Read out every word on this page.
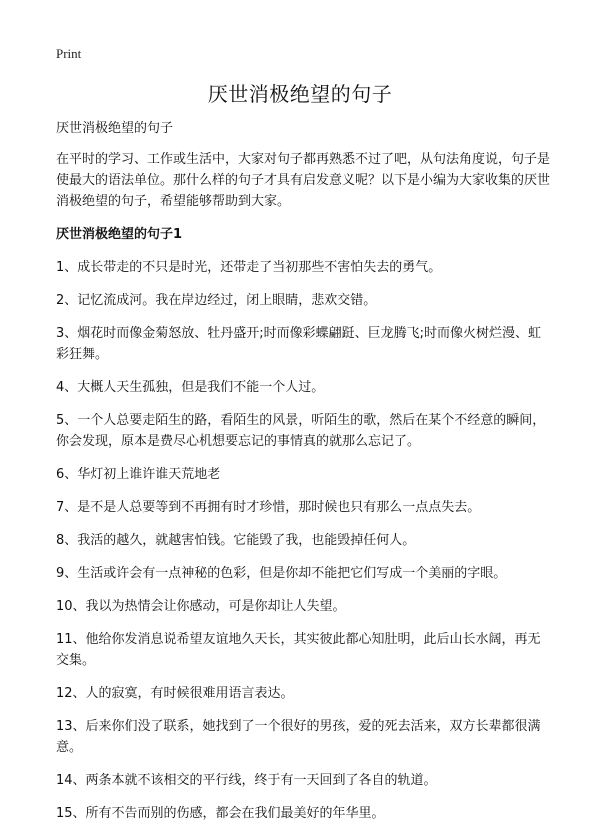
Print
厌世消极绝望的句子

厌世消极绝望的句子

在平时的学习、工作或生活中，大家对句子都再熟悉不过了吧，从句法角度说，句子是使最大的语法单位。那什么样的句子才具有启发意义呢？以下是小编为大家收集的厌世消极绝望的句子，希望能够帮助到大家。

厌世消极绝望的句子1

1、成长带走的不只是时光，还带走了当初那些不害怕失去的勇气。

2、记忆流成河。我在岸边经过，闭上眼睛，悲欢交错。

3、烟花时而像金菊怒放、牡丹盛开;时而像彩蝶翩跹、巨龙腾飞;时而像火树烂漫、虹彩狂舞。

4、大概人天生孤独，但是我们不能一个人过。

5、一个人总要走陌生的路，看陌生的风景，听陌生的歌，然后在某个不经意的瞬间，你会发现，原本是费尽心机想要忘记的事情真的就那么忘记了。

6、华灯初上谁许谁天荒地老

7、是不是人总要等到不再拥有时才珍惜，那时候也只有那么一点点失去。

8、我活的越久，就越害怕钱。它能毁了我，也能毁掉任何人。

9、生活或许会有一点神秘的色彩，但是你却不能把它们写成一个美丽的字眼。

10、我以为热情会让你感动，可是你却让人失望。

11、他给你发消息说希望友谊地久天长，其实彼此都心知肚明，此后山长水阔，再无交集。

12、人的寂寞，有时候很难用语言表达。

13、后来你们没了联系，她找到了一个很好的男孩，爱的死去活来，双方长辈都很满意。

14、两条本就不该相交的平行线，终于有一天回到了各自的轨道。

15、所有不告而别的伤感，都会在我们最美好的年华里。
